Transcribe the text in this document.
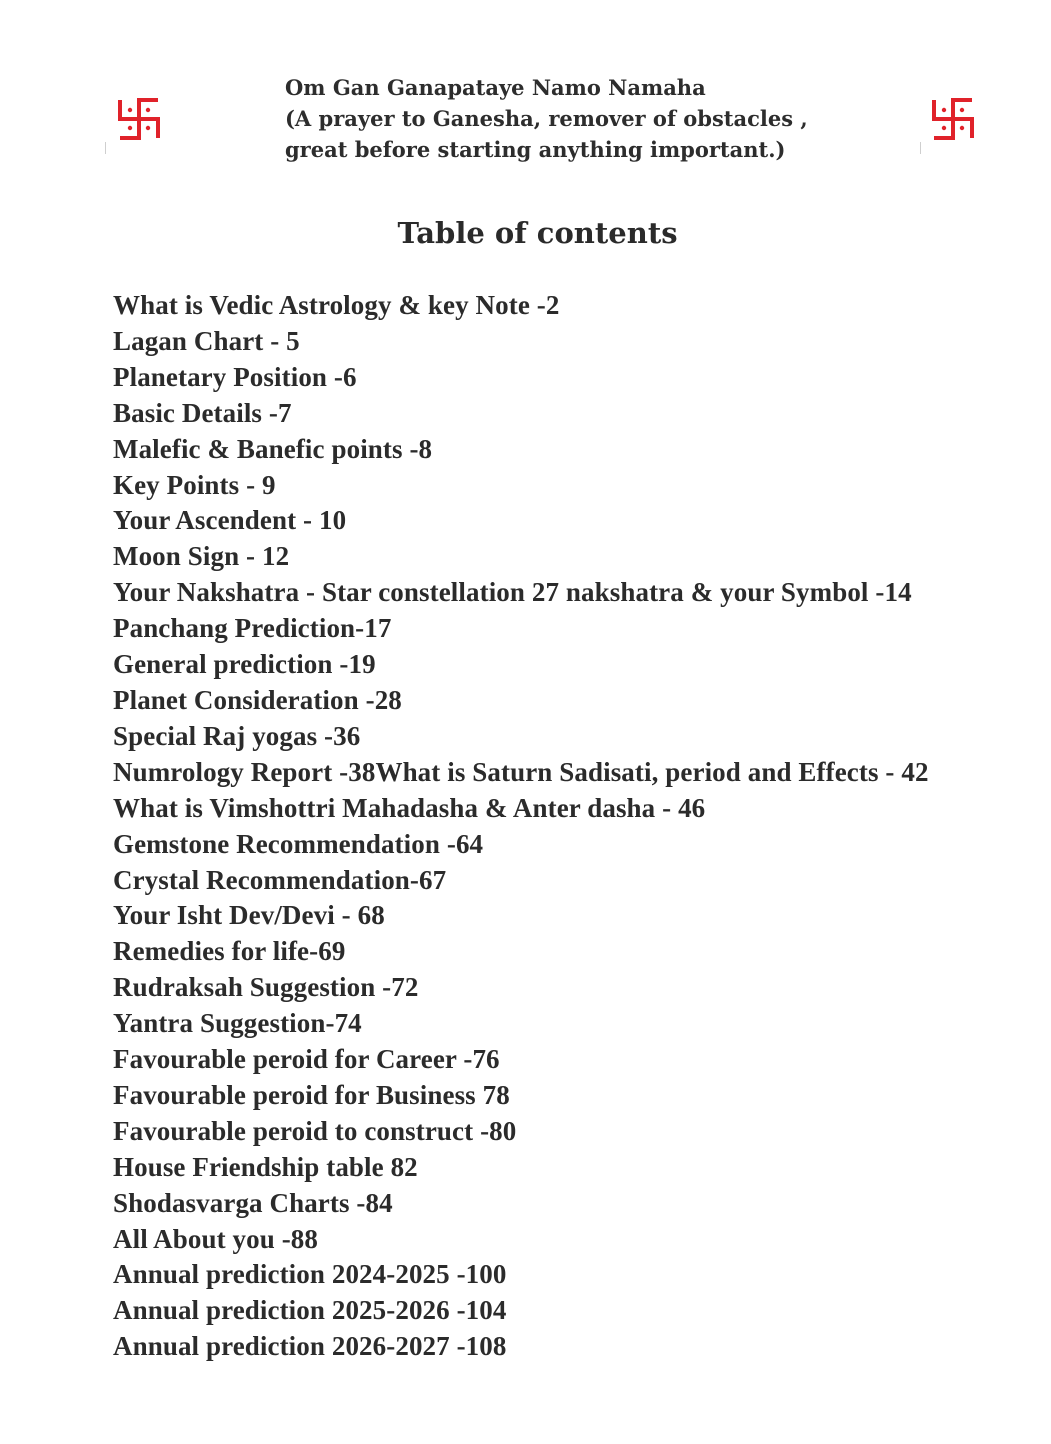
Om Gan Ganapataye Namo Namaha
(A prayer to Ganesha, remover of obstacles ,
great before starting anything important.)
Table of contents
What is Vedic Astrology & key Note -2
Lagan Chart - 5
Planetary Position -6
Basic Details -7
Malefic & Banefic points -8
Key Points - 9
Your Ascendent - 10
Moon Sign - 12
Your Nakshatra - Star constellation 27 nakshatra & your Symbol -14
Panchang Prediction-17
General prediction -19
Planet Consideration -28
Special Raj yogas -36
Numrology Report -38What is Saturn Sadisati, period and Effects - 42
What is Vimshottri Mahadasha & Anter dasha - 46
Gemstone Recommendation -64
Crystal Recommendation-67
Your Isht Dev/Devi - 68
Remedies for life-69
Rudraksah Suggestion -72
Yantra Suggestion-74
Favourable peroid for Career -76
Favourable peroid for Business 78
Favourable peroid to construct -80
House Friendship table 82
Shodasvarga Charts -84
All About you -88
Annual prediction 2024-2025 -100
Annual prediction 2025-2026 -104
Annual prediction 2026-2027 -108
